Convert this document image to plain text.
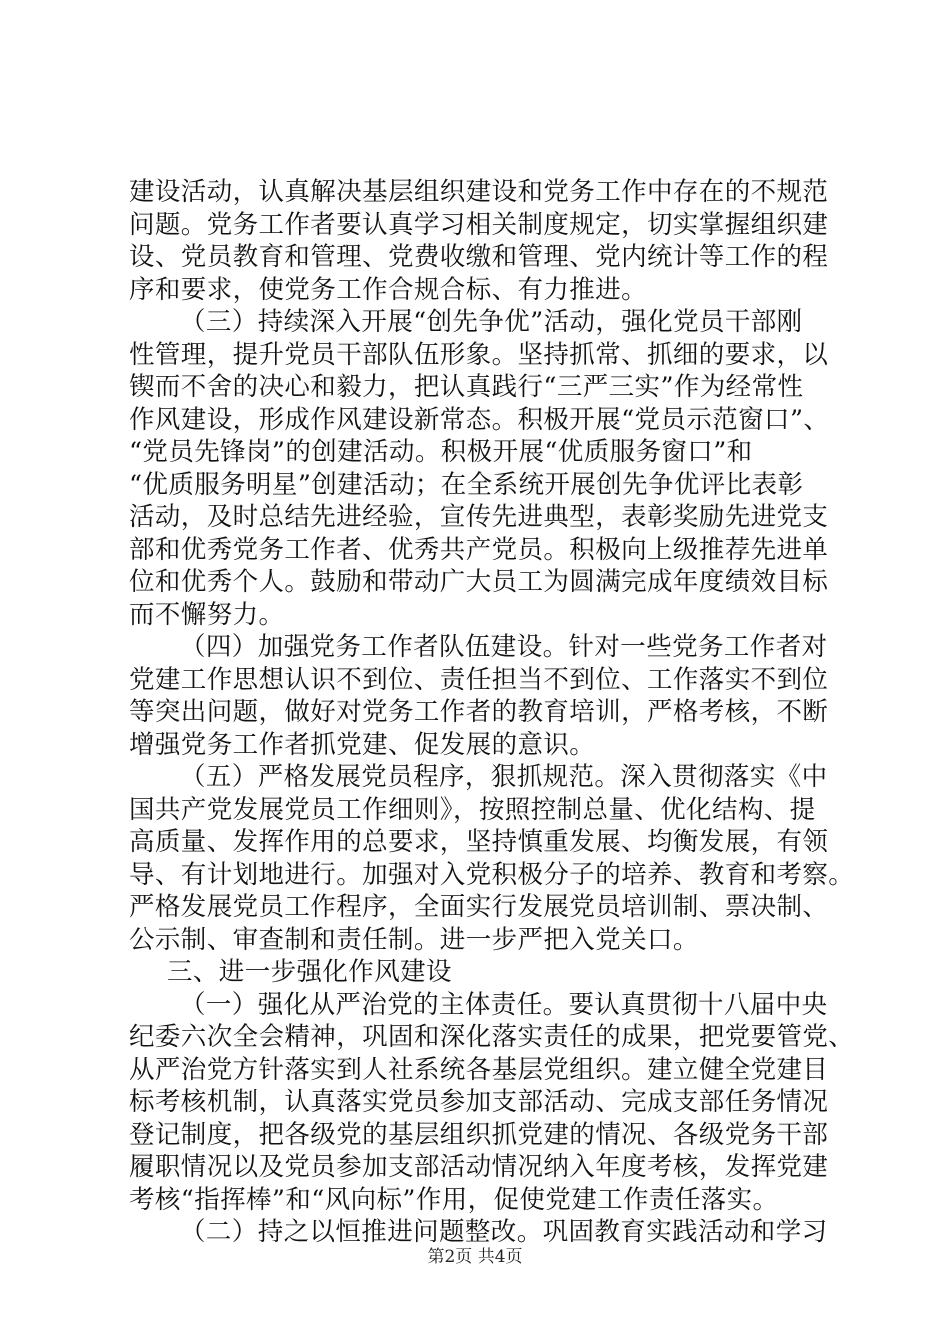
建设活动，认真解决基层组织建设和党务工作中存在的不规范
问题。党务工作者要认真学习相关制度规定，切实掌握组织建
设、党员教育和管理、党费收缴和管理、党内统计等工作的程
序和要求，使党务工作合规合标、有力推进。
（三）持续深入开展“创先争优”活动，强化党员干部刚
性管理，提升党员干部队伍形象。坚持抓常、抓细的要求，以
锲而不舍的决心和毅力，把认真践行“三严三实”作为经常性
作风建设，形成作风建设新常态。积极开展“党员示范窗口”、
“党员先锋岗”的创建活动。积极开展“优质服务窗口”和
“优质服务明星”创建活动；在全系统开展创先争优评比表彰
活动，及时总结先进经验，宣传先进典型，表彰奖励先进党支
部和优秀党务工作者、优秀共产党员。积极向上级推荐先进单
位和优秀个人。鼓励和带动广大员工为圆满完成年度绩效目标
而不懈努力。
（四）加强党务工作者队伍建设。针对一些党务工作者对
党建工作思想认识不到位、责任担当不到位、工作落实不到位
等突出问题，做好对党务工作者的教育培训，严格考核，不断
增强党务工作者抓党建、促发展的意识。
（五）严格发展党员程序，狠抓规范。深入贯彻落实《中
国共产党发展党员工作细则》，按照控制总量、优化结构、提
高质量、发挥作用的总要求，坚持慎重发展、均衡发展，有领
导、有计划地进行。加强对入党积极分子的培养、教育和考察。
严格发展党员工作程序，全面实行发展党员培训制、票决制、
公示制、审查制和责任制。进一步严把入党关口。
三、进一步强化作风建设
（一）强化从严治党的主体责任。要认真贯彻十八届中央
纪委六次全会精神，巩固和深化落实责任的成果，把党要管党、
从严治党方针落实到人社系统各基层党组织。建立健全党建目
标考核机制，认真落实党员参加支部活动、完成支部任务情况
登记制度，把各级党的基层组织抓党建的情况、各级党务干部
履职情况以及党员参加支部活动情况纳入年度考核，发挥党建
考核“指挥棒”和“风向标”作用，促使党建工作责任落实。
（二）持之以恒推进问题整改。巩固教育实践活动和学习
第2页 共4页
